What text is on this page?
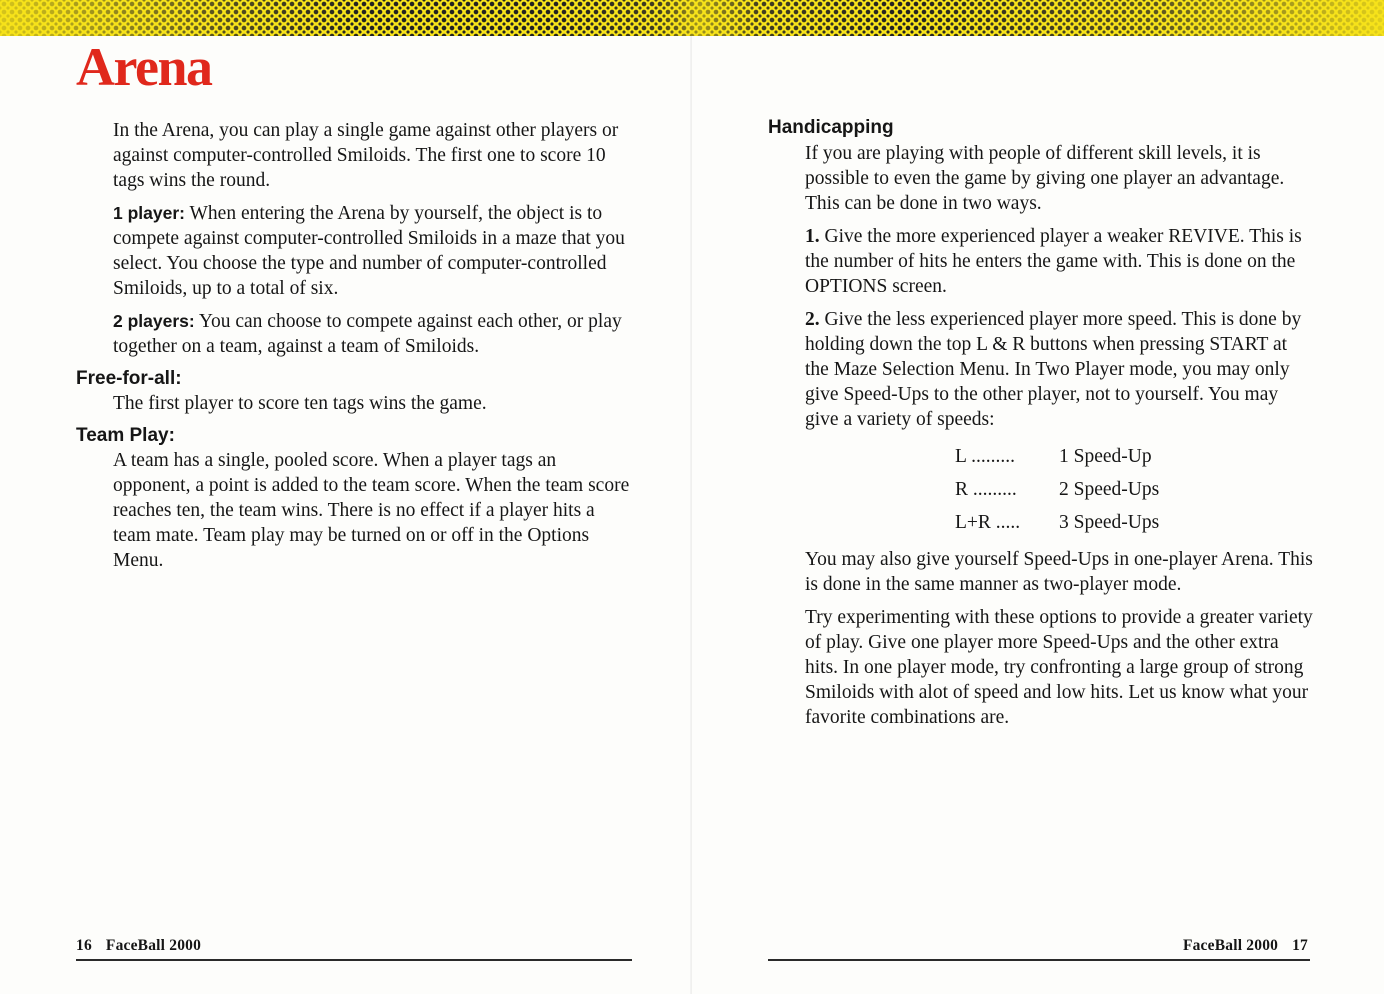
Arena

In the Arena, you can play a single game against other players or against computer-controlled Smiloids. The first one to score 10 tags wins the round.

1 player: When entering the Arena by yourself, the object is to compete against computer-controlled Smiloids in a maze that you select. You choose the type and number of computer-controlled Smiloids, up to a total of six.

2 players: You can choose to compete against each other, or play together on a team, against a team of Smiloids.

Free-for-all:

The first player to score ten tags wins the game.

Team Play:

A team has a single, pooled score. When a player tags an opponent, a point is added to the team score. When the team score reaches ten, the team wins. There is no effect if a player hits a team mate. Team play may be turned on or off in the Options Menu.

16 FaceBall 2000
Handicapping

If you are playing with people of different skill levels, it is possible to even the game by giving one player an advantage. This can be done in two ways.

1. Give the more experienced player a weaker REVIVE. This is the number of hits he enters the game with. This is done on the OPTIONS screen.

2. Give the less experienced player more speed. This is done by holding down the top L & R buttons when pressing START at the Maze Selection Menu. In Two Player mode, you may only give Speed-Ups to the other player, not to yourself. You may give a variety of speeds:

L .........	1 Speed-Up
R .........	2 Speed-Ups
L+R .....	3 Speed-Ups

You may also give yourself Speed-Ups in one-player Arena. This is done in the same manner as two-player mode.

Try experimenting with these options to provide a greater variety of play. Give one player more Speed-Ups and the other extra hits. In one player mode, try confronting a large group of strong Smiloids with alot of speed and low hits. Let us know what your favorite combinations are.

FaceBall 2000 17
